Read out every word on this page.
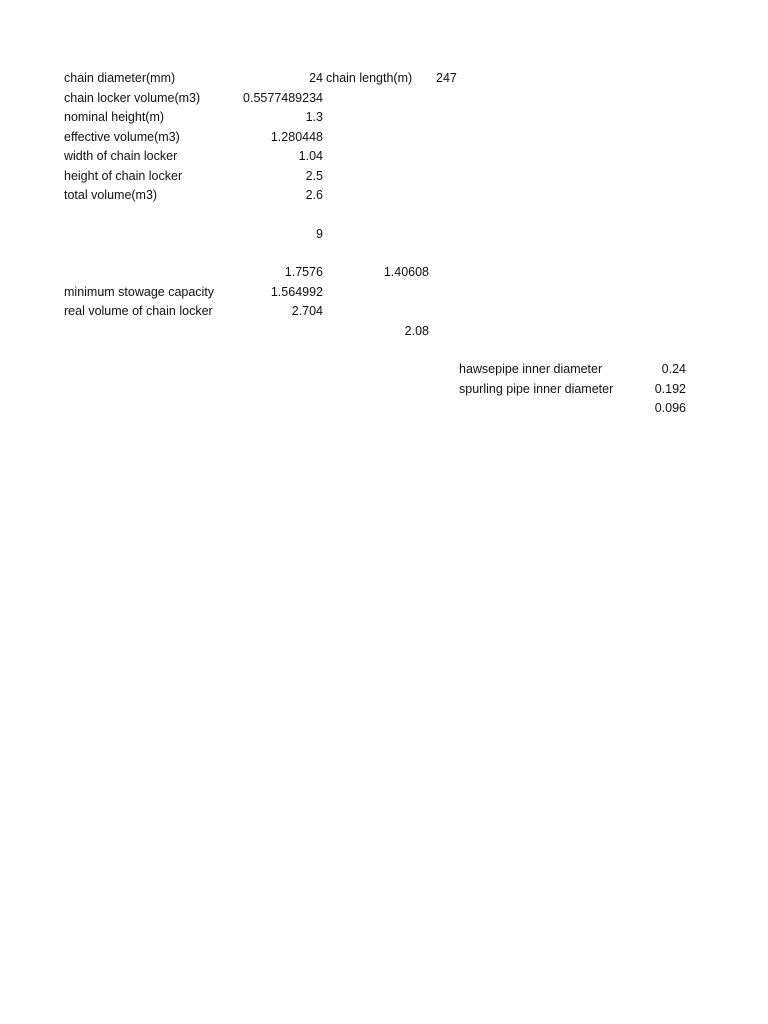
chain diameter(mm)	24 chain length(m)	247
chain locker volume(m3)	0.5577489234
nominal height(m)	1.3
effective volume(m3)	1.280448
width of chain locker	1.04
height of chain locker	2.5
total volume(m3)	2.6
9
1.7576	1.40608
minimum stowage capacity	1.564992
real volume of chain locker	2.704
2.08
hawsepipe inner diameter	0.24
spurling pipe inner diameter	0.192
0.096
